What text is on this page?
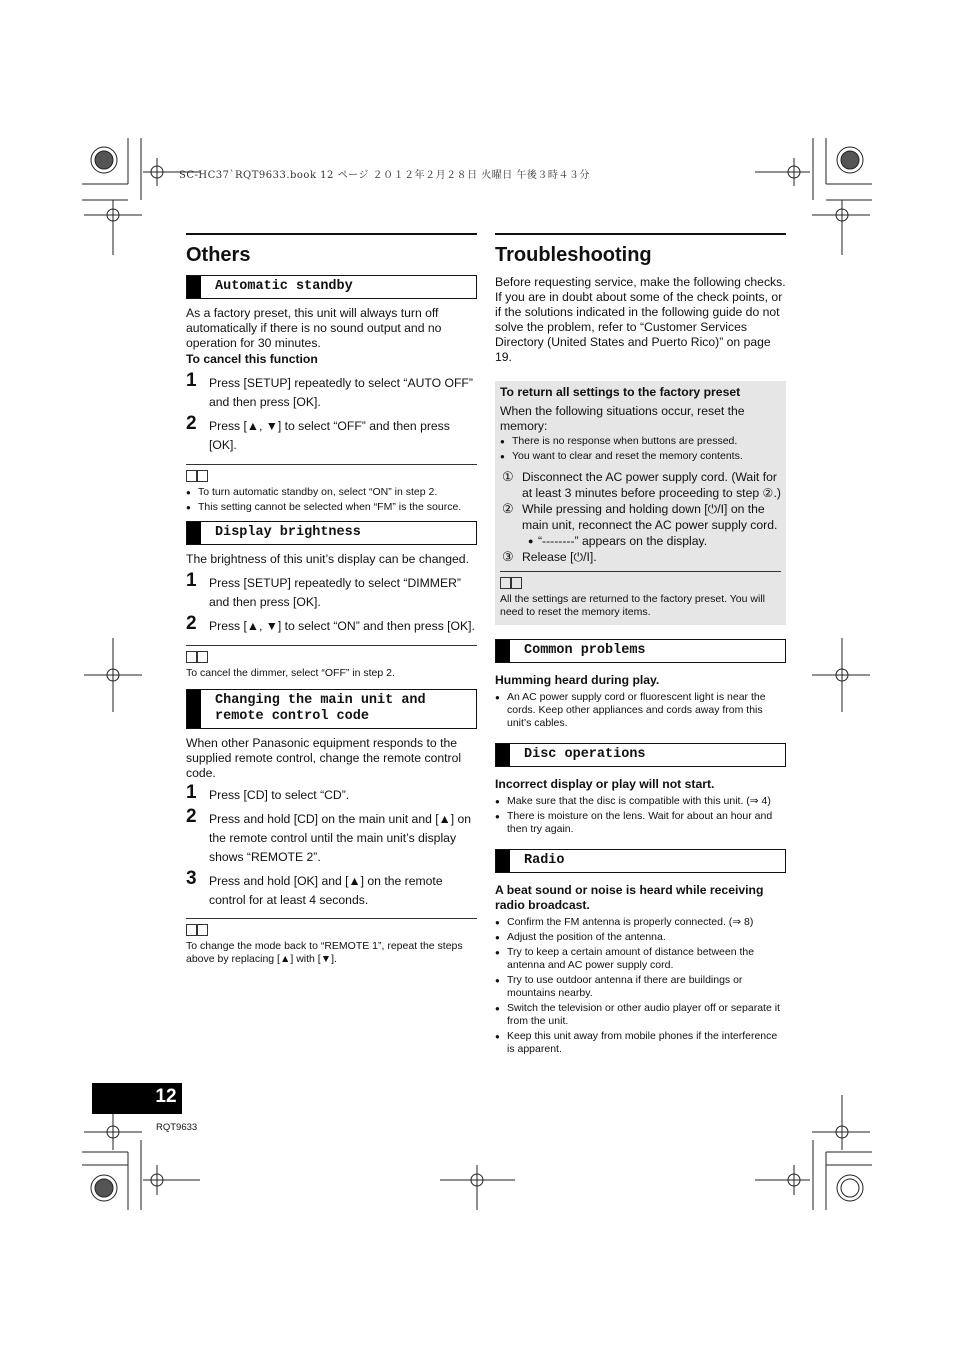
SC-HC37`RQT9633.book 12 ページ ２０１２年２月２８日 火曜日 午後３時４３分
Others
Automatic standby

As a factory preset, this unit will always turn off automatically if there is no sound output and no operation for 30 minutes.

To cancel this function

1 Press [SETUP] repeatedly to select “AUTO OFF” and then press [OK].
2 Press [▲, ▼] to select “OFF” and then press [OK].
● To turn automatic standby on, select “ON” in step 2.
● This setting cannot be selected when “FM” is the source.
Display brightness

The brightness of this unit’s display can be changed.

1 Press [SETUP] repeatedly to select “DIMMER” and then press [OK].
2 Press [▲, ▼] to select “ON” and then press [OK].
To cancel the dimmer, select “OFF” in step 2.
Changing the main unit and remote control code

When other Panasonic equipment responds to the supplied remote control, change the remote control code.

1 Press [CD] to select “CD”.
2 Press and hold [CD] on the main unit and [▲] on the remote control until the main unit’s display shows “REMOTE 2”.
3 Press and hold [OK] and [▲] on the remote control for at least 4 seconds.
To change the mode back to “REMOTE 1”, repeat the steps above by replacing [▲] with [▼].
Troubleshooting

Before requesting service, make the following checks. If you are in doubt about some of the check points, or if the solutions indicated in the following guide do not solve the problem, refer to “Customer Services Directory (United States and Puerto Rico)” on page 19.

To return all settings to the factory preset

When the following situations occur, reset the memory:

● There is no response when buttons are pressed.
● You want to clear and reset the memory contents.
① Disconnect the AC power supply cord. (Wait for at least 3 minutes before proceeding to step ②.)
② While pressing and holding down [⏻/I] on the main unit, reconnect the AC power supply cord.
● “--------” appears on the display.
③ Release [⏻/I].
All the settings are returned to the factory preset. You will need to reset the memory items.
Common problems

Humming heard during play.

● An AC power supply cord or fluorescent light is near the cords. Keep other appliances and cords away from this unit’s cables.
Disc operations

Incorrect display or play will not start.

● Make sure that the disc is compatible with this unit. (⇒ 4)
● There is moisture on the lens. Wait for about an hour and then try again.
Radio

A beat sound or noise is heard while receiving radio broadcast.

● Confirm the FM antenna is properly connected. (⇒ 8)
● Adjust the position of the antenna.
● Try to keep a certain amount of distance between the antenna and AC power supply cord.
● Try to use outdoor antenna if there are buildings or mountains nearby.
● Switch the television or other audio player off or separate it from the unit.
● Keep this unit away from mobile phones if the interference is apparent.
12
RQT9633
